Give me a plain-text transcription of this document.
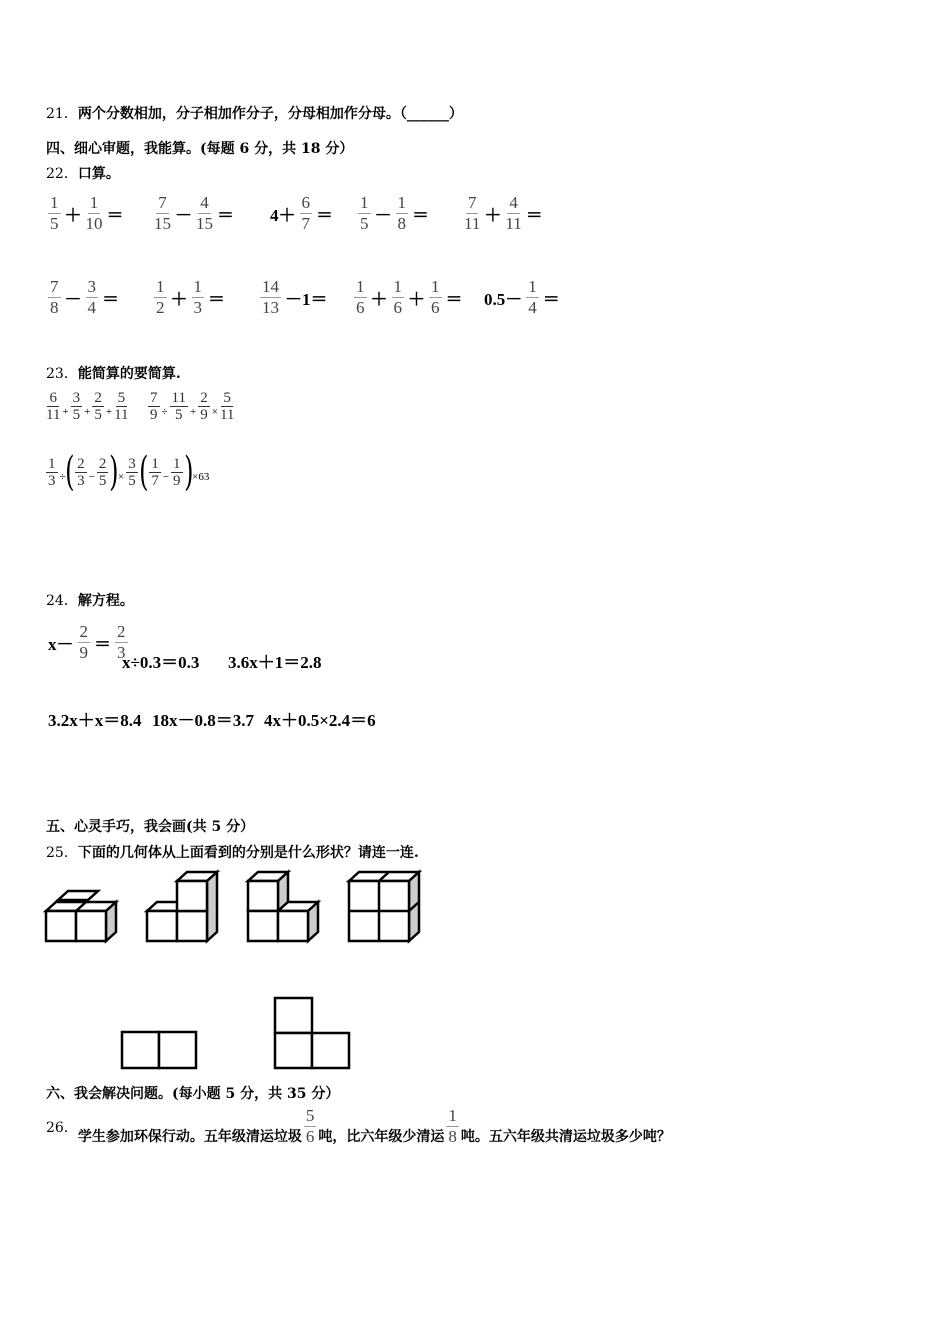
21．两个分数相加，分子相加作分子，分母相加作分母。（______）
四、细心审题，我能算。(每题 6 分，共 18 分）
22．口算。
$\frac{1}{5} + \frac{1}{10} = \frac{7}{15} - \frac{4}{15} = 4+ \frac{6}{7} = \frac{1}{5} - \frac{1}{8} = \frac{7}{11} + \frac{4}{11}$ ＝
$\frac{7}{8} - \frac{3}{4} = \frac{1}{2} + \frac{1}{3} = \frac{14}{13} -1= \frac{1}{6} + \frac{1}{6} + \frac{1}{6} = 0.5- \frac{1}{4}$ ＝
23．能简算的要简算.
$\frac{6}{11} + \frac{3}{5} + \frac{2}{5} + \frac{5}{11} \frac{7}{9} \div \frac{11}{5} + \frac{2}{9} \times \frac{5}{11}$
$\frac{1}{3}$ ÷ ( $\frac{2}{3} - \frac{2}{5}$ ) × $\frac{3}{5}$ ( $\frac{1}{7} - \frac{1}{9}$ ) ×63
24．解方程。
$x- \frac{2}{9} = \frac{2}{3}$
x÷0.3＝0.3 3.6x＋1＝2.8
3.2x＋x＝8.4 18x－0.8＝3.7 4x＋0.5×2.4＝6
五、心灵手巧，我会画(共 5 分）
25．下面的几何体从上面看到的分别是什么形状？请连一连.
六、我会解决问题。(每小题 5 分，共 35 分）
26．
学生参加环保行动。五年级清运垃圾 $\frac{5}{6}$ 吨，比六年级少清运 $\frac{1}{8}$ 吨。五六年级共清运垃圾多少吨？
